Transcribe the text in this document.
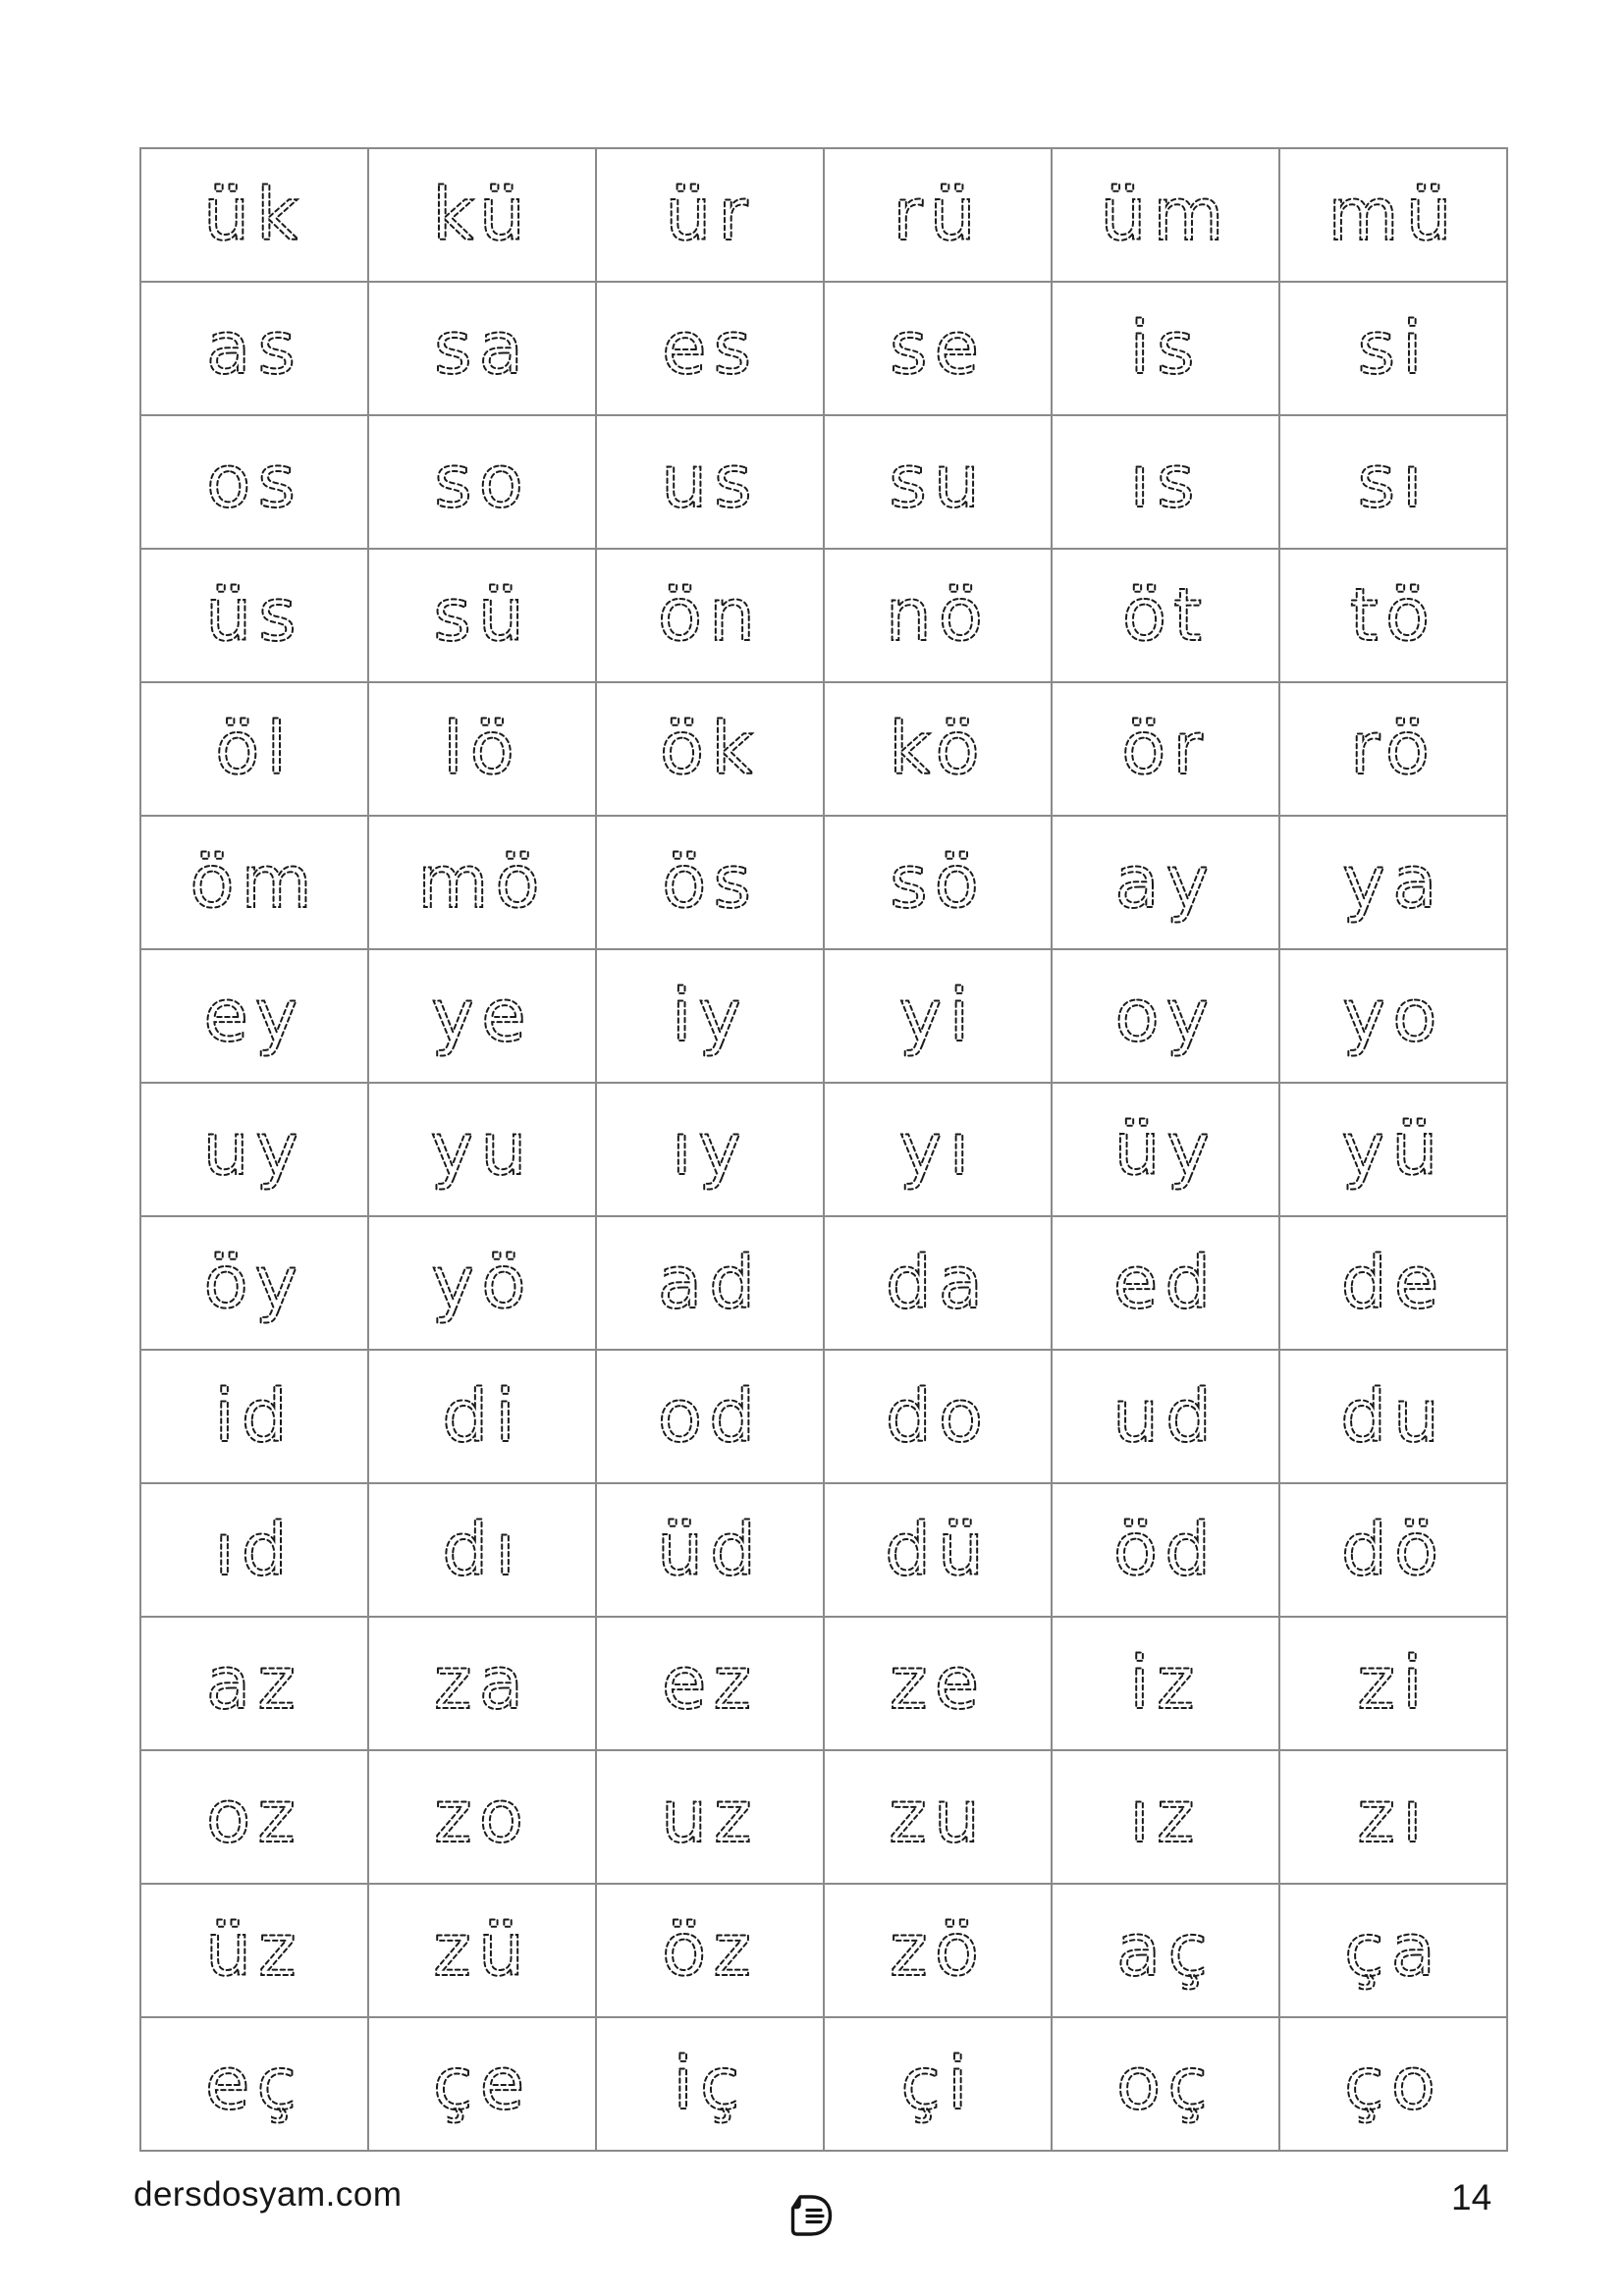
ük	kü	ür	rü	üm	mü

as	sa	es	se	is	si

os	so	us	su	ıs	sı

üs	sü	ön	nö	öt	tö

öl	lö	ök	kö	ör	rö

öm	mö	ös	sö	ay	ya

ey	ye	iy	yi	oy	yo

uy	yu	ıy	yı	üy	yü

öy	yö	ad	da	ed	de

id	di	od	do	ud	du

ıd	dı	üd	dü	öd	dö

az	za	ez	ze	iz	zi

oz	zo	uz	zu	ız	zı

üz	zü	öz	zö	aç	ça

eç	çe	iç	çi	oç	ço
dersdosyam.com	14
